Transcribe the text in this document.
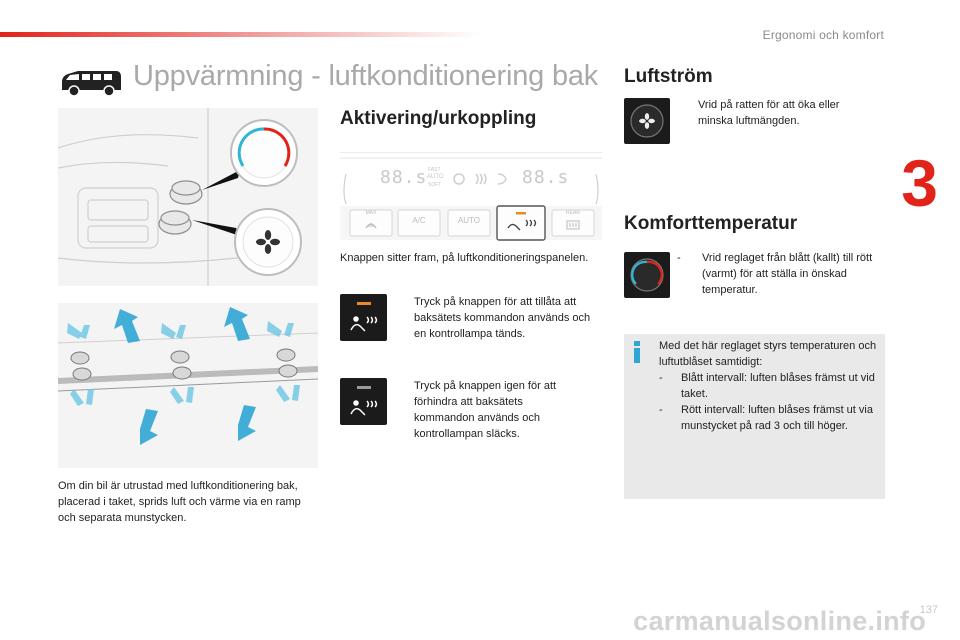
Ergonomi och komfort
3
Uppvärmning - luftkonditionering bak
Om din bil är utrustad med luftkonditionering bak, placerad i taket, sprids luft och värme via en ramp och separata munstycken.
Aktivering/urkoppling
88.s FAST
AUTO
SOFT	88.s
MAX
A/C	AUTO
REAR
Knappen sitter fram, på luftkonditioneringspanelen.
Tryck på knappen för att tillåta att baksätets kommandon används och en kontrollampa tänds.
Tryck på knappen igen för att förhindra att baksätets kommandon används och kontrollampan släcks.
Luftström
Vrid på ratten för att öka eller minska luftmängden.
Komforttemperatur
-	Vrid reglaget från blått (kallt) till rött (varmt) för att ställa in önskad temperatur.
Med det här reglaget styrs temperaturen och luftutblåset samtidigt:
-	Blått intervall: luften blåses främst ut vid taket.
-	Rött intervall: luften blåses främst ut via munstycket på rad 3 och till höger.
carmanualsonline.info
137
